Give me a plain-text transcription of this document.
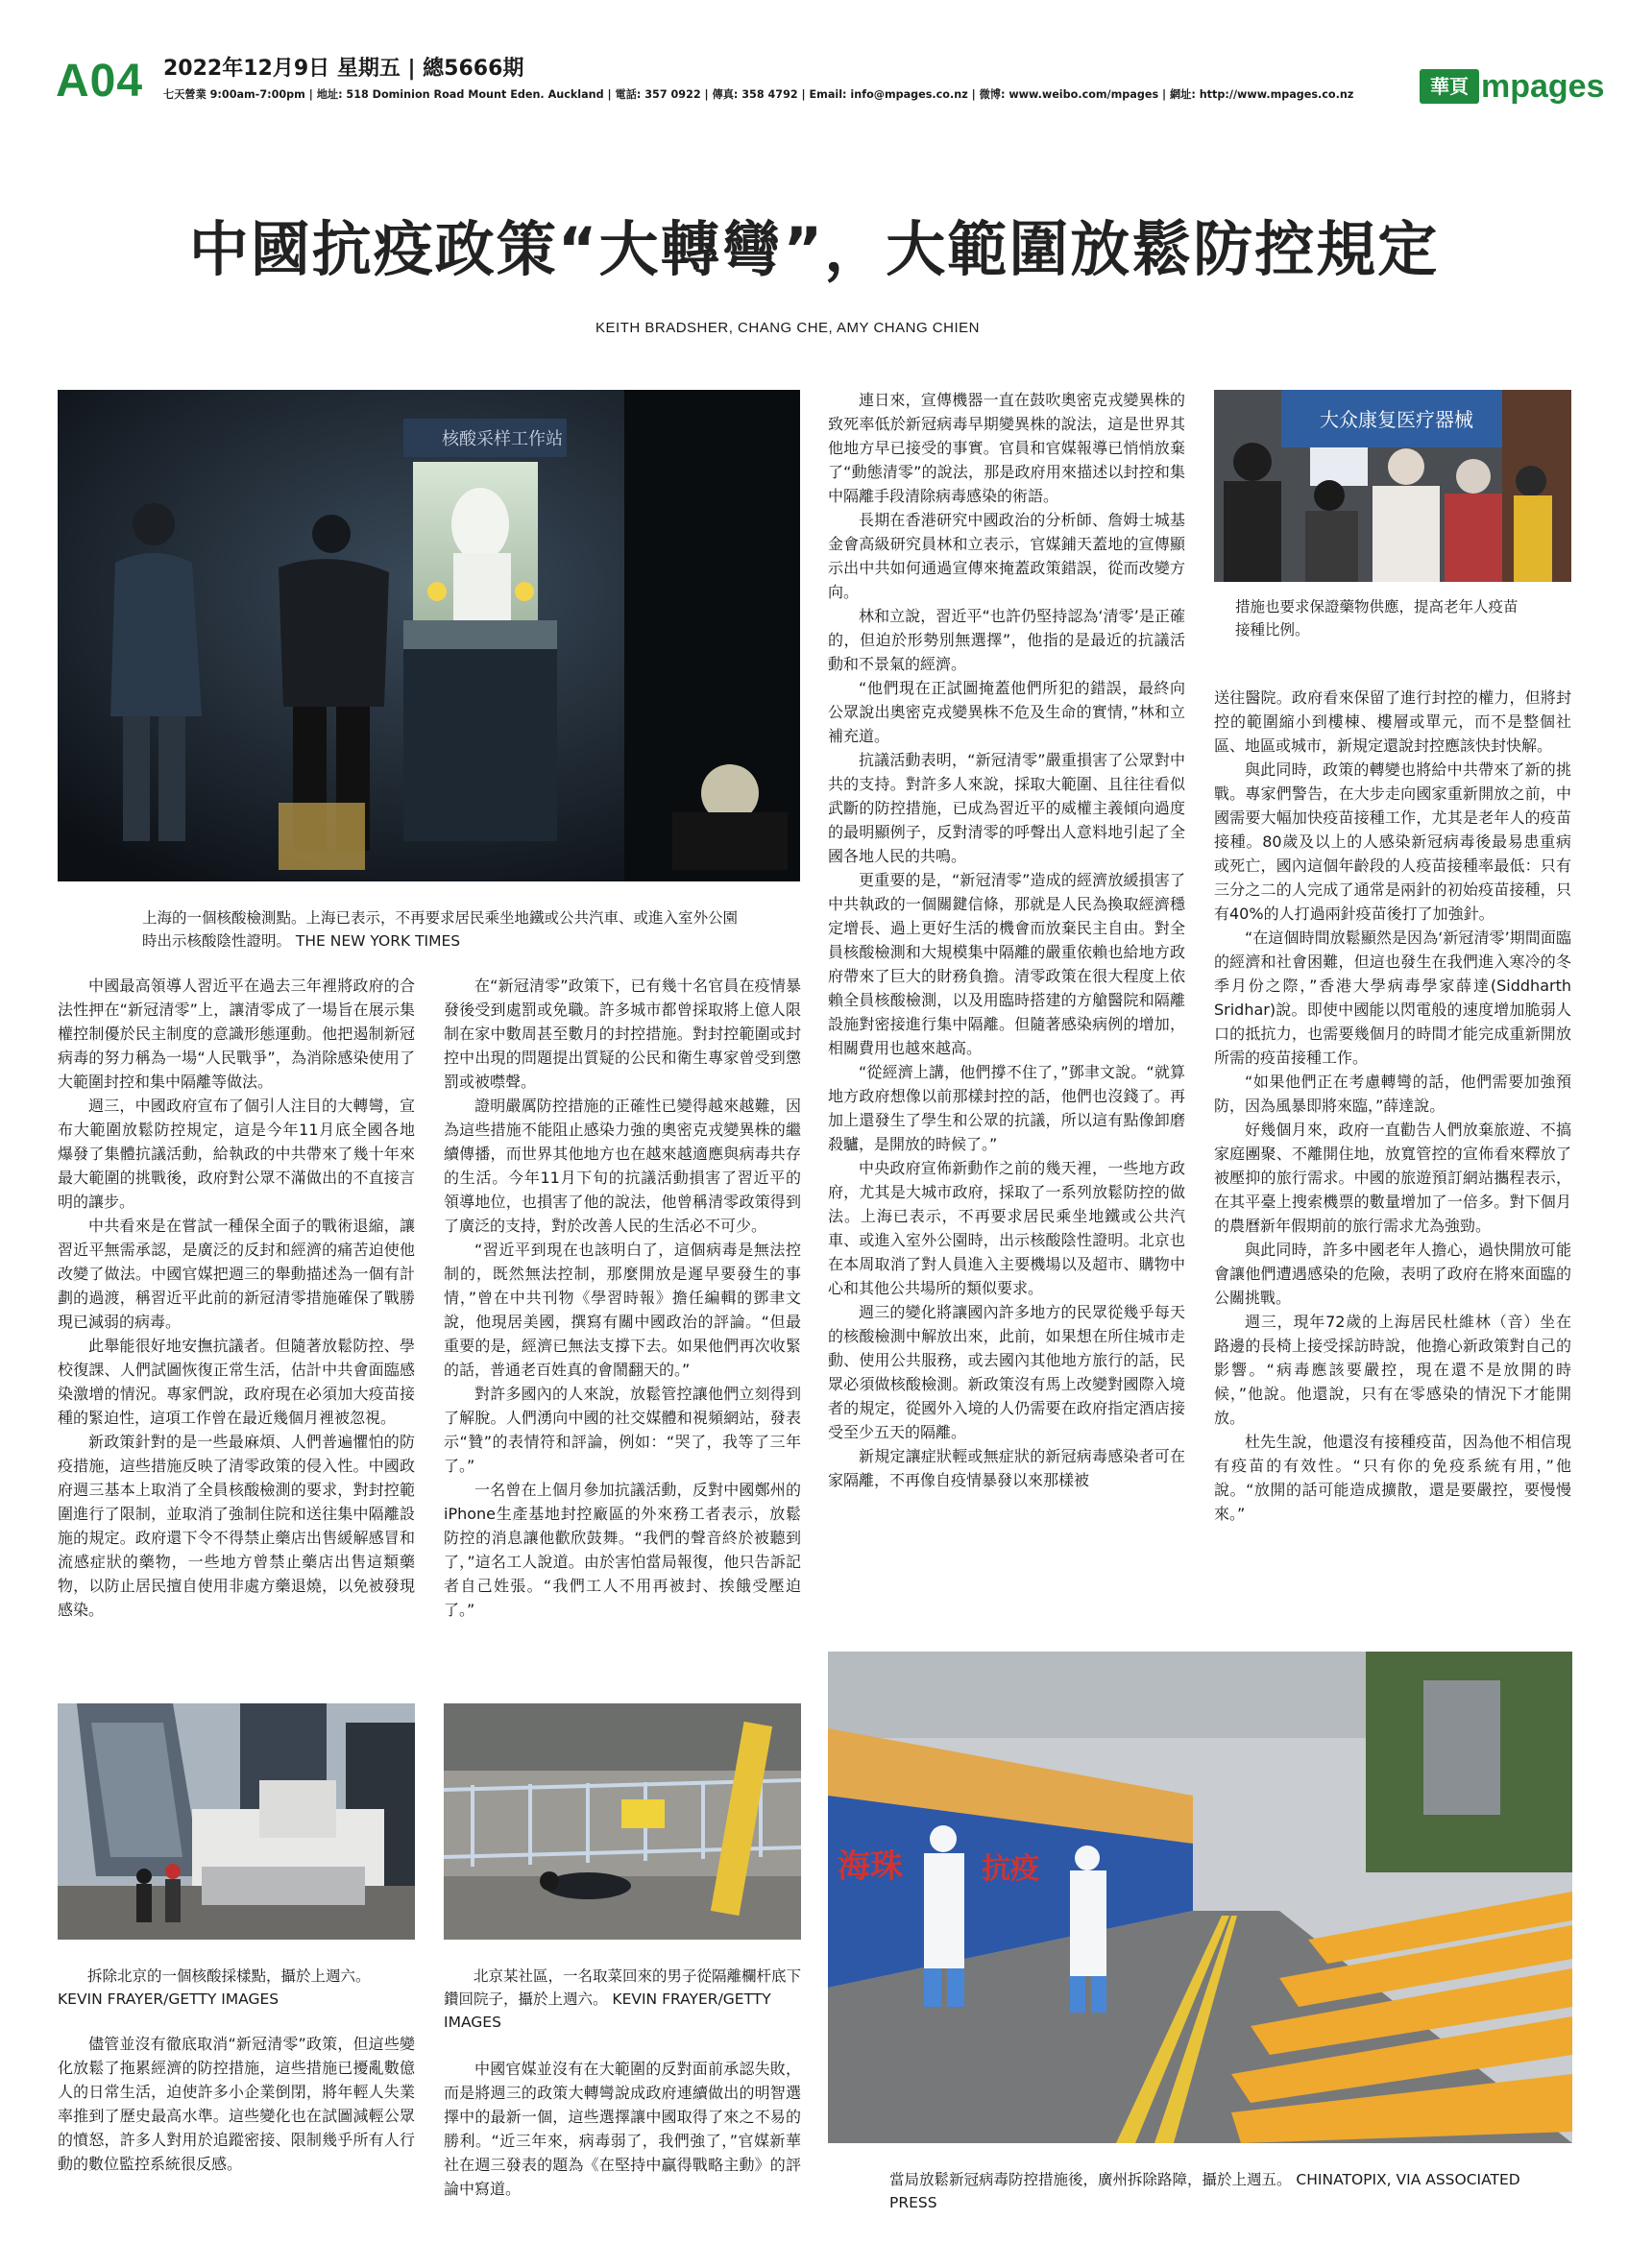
A04 2022年12月9日 星期五 | 總5666期
七天營業 9:00am-7:00pm | 地址: 518 Dominion Road Mount Eden. Auckland | 電話: 357 0922 | 傳真: 358 4792 | Email: info@mpages.co.nz | 微博: www.weibo.com/mpages | 網址: http://www.mpages.co.nz	華頁 mpages
中國抗疫政策“大轉彎”，大範圍放鬆防控規定
KEITH BRADSHER, CHANG CHE, AMY CHANG CHIEN
核酸采样工作站
上海的一個核酸檢測點。上海已表示，不再要求居民乘坐地鐵或公共汽車、或進入室外公園時出示核酸陰性證明。 THE NEW YORK TIMES
大众康复医疗器械
措施也要求保證藥物供應，提高老年人疫苗接種比例。

中國最高領導人習近平在過去三年裡將政府的合法性押在“新冠清零”上，讓清零成了一場旨在展示集權控制優於民主制度的意識形態運動。他把遏制新冠病毒的努力稱為一場“人民戰爭”，為消除感染使用了大範圍封控和集中隔離等做法。

週三，中國政府宣布了個引人注目的大轉彎，宣布大範圍放鬆防控規定，這是今年11月底全國各地爆發了集體抗議活動，給執政的中共帶來了幾十年來最大範圍的挑戰後，政府對公眾不滿做出的不直接言明的讓步。

中共看來是在嘗試一種保全面子的戰術退縮，讓習近平無需承認，是廣泛的反封和經濟的痛苦迫使他改變了做法。中國官媒把週三的舉動描述為一個有計劃的過渡，稱習近平此前的新冠清零措施確保了戰勝現已減弱的病毒。

此舉能很好地安撫抗議者。但隨著放鬆防控、學校復課、人們試圖恢復正常生活，估計中共會面臨感染激增的情況。專家們說，政府現在必須加大疫苗接種的緊迫性，這項工作曾在最近幾個月裡被忽視。

新政策針對的是一些最麻煩、人們普遍懼怕的防疫措施，這些措施反映了清零政策的侵入性。中國政府週三基本上取消了全員核酸檢測的要求，對封控範圍進行了限制，並取消了強制住院和送往集中隔離設施的規定。政府還下令不得禁止藥店出售緩解感冒和流感症狀的藥物，一些地方曾禁止藥店出售這類藥物，以防止居民擅自使用非處方藥退燒，以免被發現感染。

在“新冠清零”政策下，已有幾十名官員在疫情暴發後受到處罰或免職。許多城市都曾採取將上億人限制在家中數周甚至數月的封控措施。對封控範圍或封控中出現的問題提出質疑的公民和衛生專家曾受到懲罰或被噤聲。

證明嚴厲防控措施的正確性已變得越來越難，因為這些措施不能阻止感染力強的奧密克戎變異株的繼續傳播，而世界其他地方也在越來越適應與病毒共存的生活。今年11月下旬的抗議活動損害了習近平的領導地位，也損害了他的說法，他曾稱清零政策得到了廣泛的支持，對於改善人民的生活必不可少。

“習近平到現在也該明白了，這個病毒是無法控制的，既然無法控制，那麼開放是遲早要發生的事情，”曾在中共刊物《學習時報》擔任編輯的鄧聿文說，他現居美國，撰寫有關中國政治的評論。“但最重要的是，經濟已無法支撐下去。如果他們再次收緊的話，普通老百姓真的會鬧翻天的。”

對許多國內的人來說，放鬆管控讓他們立刻得到了解脫。人們湧向中國的社交媒體和視頻網站，發表示“贊”的表情符和評論，例如：“哭了，我等了三年了。”

一名曾在上個月參加抗議活動，反對中國鄭州的iPhone生產基地封控廠區的外來務工者表示，放鬆防控的消息讓他歡欣鼓舞。“我們的聲音終於被聽到了，”這名工人說道。由於害怕當局報復，他只告訴記者自己姓張。“我們工人不用再被封、挨餓受壓迫了。”

連日來，宣傳機器一直在鼓吹奧密克戎變異株的致死率低於新冠病毒早期變異株的說法，這是世界其他地方早已接受的事實。官員和官媒報導已悄悄放棄了“動態清零”的說法，那是政府用來描述以封控和集中隔離手段清除病毒感染的術語。

長期在香港研究中國政治的分析師、詹姆士城基金會高級研究員林和立表示，官媒鋪天蓋地的宣傳顯示出中共如何通過宣傳來掩蓋政策錯誤，從而改變方向。

林和立說，習近平“也許仍堅持認為‘清零’是正確的，但迫於形勢別無選擇”，他指的是最近的抗議活動和不景氣的經濟。

“他們現在正試圖掩蓋他們所犯的錯誤，最終向公眾說出奧密克戎變異株不危及生命的實情，”林和立補充道。

抗議活動表明，“新冠清零”嚴重損害了公眾對中共的支持。對許多人來說，採取大範圍、且往往看似武斷的防控措施，已成為習近平的威權主義傾向過度的最明顯例子，反對清零的呼聲出人意料地引起了全國各地人民的共鳴。

更重要的是，“新冠清零”造成的經濟放緩損害了中共執政的一個關鍵信條，那就是人民為換取經濟穩定增長、過上更好生活的機會而放棄民主自由。對全員核酸檢測和大規模集中隔離的嚴重依賴也給地方政府帶來了巨大的財務負擔。清零政策在很大程度上依賴全員核酸檢測，以及用臨時搭建的方艙醫院和隔離設施對密接進行集中隔離。但隨著感染病例的增加，相關費用也越來越高。

“從經濟上講，他們撐不住了，”鄧聿文說。“就算地方政府想像以前那樣封控的話，他們也沒錢了。再加上還發生了學生和公眾的抗議，所以這有點像卸磨殺驢，是開放的時候了。”

中央政府宣佈新動作之前的幾天裡，一些地方政府，尤其是大城市政府，採取了一系列放鬆防控的做法。上海已表示，不再要求居民乘坐地鐵或公共汽車、或進入室外公園時，出示核酸陰性證明。北京也在本周取消了對人員進入主要機場以及超市、購物中心和其他公共場所的類似要求。

週三的變化將讓國內許多地方的民眾從幾乎每天的核酸檢測中解放出來，此前，如果想在所住城市走動、使用公共服務，或去國內其他地方旅行的話，民眾必須做核酸檢測。新政策沒有馬上改變對國際入境者的規定，從國外入境的人仍需要在政府指定酒店接受至少五天的隔離。

新規定讓症狀輕或無症狀的新冠病毒感染者可在家隔離，不再像自疫情暴發以來那樣被

送往醫院。政府看來保留了進行封控的權力，但將封控的範圍縮小到樓棟、樓層或單元，而不是整個社區、地區或城市，新規定還說封控應該快封快解。

與此同時，政策的轉變也將給中共帶來了新的挑戰。專家們警告，在大步走向國家重新開放之前，中國需要大幅加快疫苗接種工作，尤其是老年人的疫苗接種。80歲及以上的人感染新冠病毒後最易患重病或死亡，國內這個年齡段的人疫苗接種率最低：只有三分之二的人完成了通常是兩針的初始疫苗接種，只有40%的人打過兩針疫苗後打了加強針。

“在這個時間放鬆顯然是因為‘新冠清零’期間面臨的經濟和社會困難，但這也發生在我們進入寒冷的冬季月份之際，”香港大學病毒學家薛達(Siddharth Sridhar)說。即使中國能以閃電般的速度增加脆弱人口的抵抗力，也需要幾個月的時間才能完成重新開放所需的疫苗接種工作。

“如果他們正在考慮轉彎的話，他們需要加強預防，因為風暴即將來臨，”薛達說。

好幾個月來，政府一直勸告人們放棄旅遊、不搞家庭團聚、不離開住地，放寬管控的宣佈看來釋放了被壓抑的旅行需求。中國的旅遊預訂網站攜程表示，在其平臺上搜索機票的數量增加了一倍多。對下個月的農曆新年假期前的旅行需求尤為強勁。

與此同時，許多中國老年人擔心，過快開放可能會讓他們遭遇感染的危險，表明了政府在將來面臨的公關挑戰。

週三，現年72歲的上海居民杜維林（音）坐在路邊的長椅上接受採訪時說，他擔心新政策對自己的影響。“病毒應該要嚴控，現在還不是放開的時候，”他說。他還說，只有在零感染的情況下才能開放。

杜先生說，他還沒有接種疫苗，因為他不相信現有疫苗的有效性。“只有你的免疫系統有用，”他說。“放開的話可能造成擴散，還是要嚴控，要慢慢來。”

拆除北京的一個核酸採樣點，攝於上週六。 KEVIN FRAYER/GETTY IMAGES
北京某社區，一名取菜回來的男子從隔離欄杆底下鑽回院子，攝於上週六。 KEVIN FRAYER/GETTY IMAGES

儘管並沒有徹底取消“新冠清零”政策，但這些變化放鬆了拖累經濟的防控措施，這些措施已擾亂數億人的日常生活，迫使許多小企業倒閉，將年輕人失業率推到了歷史最高水準。這些變化也在試圖減輕公眾的憤怒，許多人對用於追蹤密接、限制幾乎所有人行動的數位監控系統很反感。

中國官媒並沒有在大範圍的反對面前承認失敗，而是將週三的政策大轉彎說成政府連續做出的明智選擇中的最新一個，這些選擇讓中國取得了來之不易的勝利。“近三年來，病毒弱了，我們強了，”官媒新華社在週三發表的題為《在堅持中贏得戰略主動》的評論中寫道。

海珠	抗疫
當局放鬆新冠病毒防控措施後，廣州拆除路障，攝於上週五。 CHINATOPIX, VIA ASSOCIATED PRESS
